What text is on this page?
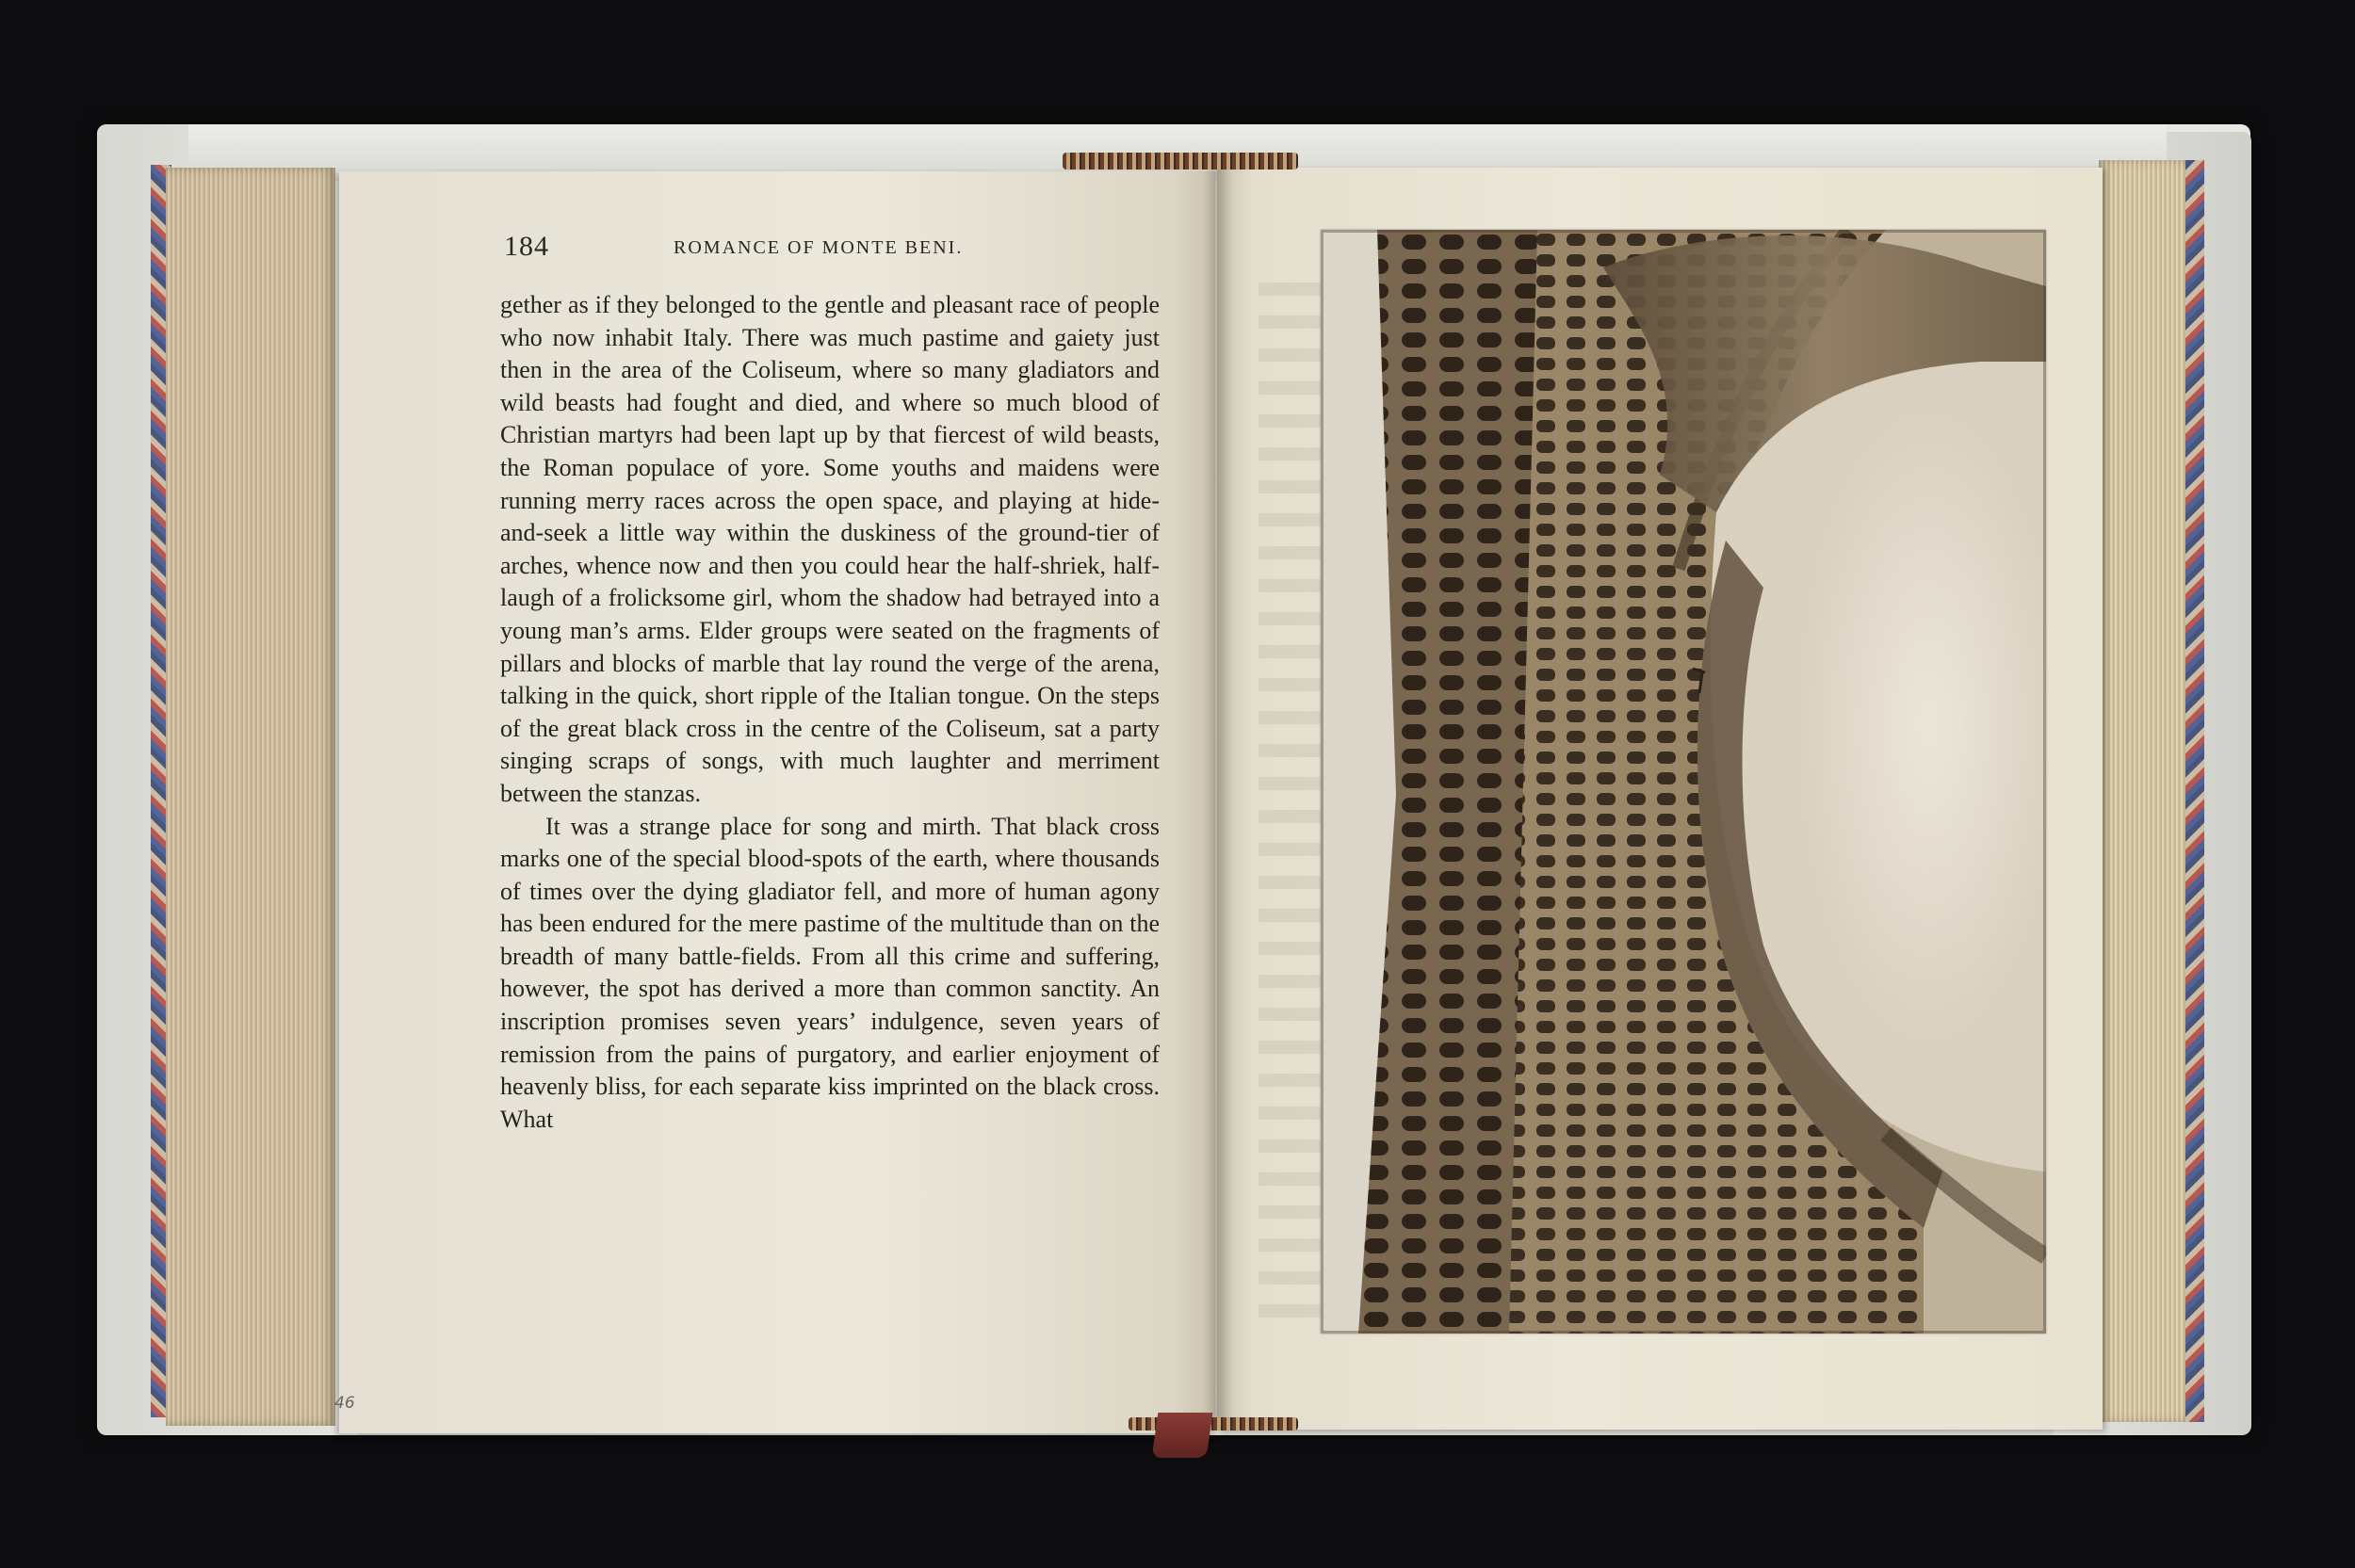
184	ROMANCE OF MONTE BENI.

gether as if they belonged to the gentle and pleasant race of people who now inhabit Italy. There was much pastime and gaiety just then in the area of the Coliseum, where so many gladiators and wild beasts had fought and died, and where so much blood of Christian martyrs had been lapt up by that fiercest of wild beasts, the Roman populace of yore. Some youths and maidens were running merry races across the open space, and playing at hide-and-seek a little way within the duskiness of the ground-tier of arches, whence now and then you could hear the half-shriek, half-laugh of a frolicksome girl, whom the shadow had betrayed into a young man’s arms. Elder groups were seated on the fragments of pillars and blocks of marble that lay round the verge of the arena, talking in the quick, short ripple of the Italian tongue. On the steps of the great black cross in the centre of the Coliseum, sat a party singing scraps of songs, with much laughter and merriment between the stanzas.

It was a strange place for song and mirth. That black cross marks one of the special blood-spots of the earth, where thousands of times over the dying gladiator fell, and more of human agony has been endured for the mere pastime of the multitude than on the breadth of many battle-fields. From all this crime and suffering, however, the spot has derived a more than common sanctity. An inscription promises seven years’ indulgence, seven years of remission from the pains of purgatory, and earlier enjoyment of heavenly bliss, for each separate kiss imprinted on the black cross. What

46
